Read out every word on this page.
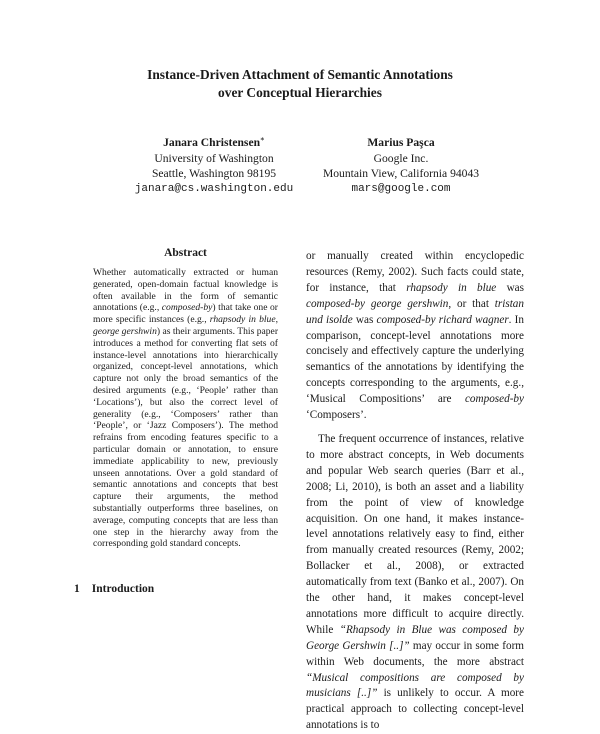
Instance-Driven Attachment of Semantic Annotations
over Conceptual Hierarchies
Janara Christensen∗
University of Washington
Seattle, Washington 98195
janara@cs.washington.edu
Marius Paşca
Google Inc.
Mountain View, California 94043
mars@google.com
Abstract
Whether automatically extracted or human generated, open-domain factual knowledge is often available in the form of semantic annotations (e.g., composed-by) that take one or more specific instances (e.g., rhapsody in blue, george gershwin) as their arguments. This paper introduces a method for converting flat sets of instance-level annotations into hierarchically organized, concept-level annotations, which capture not only the broad semantics of the desired arguments (e.g., ‘People’ rather than ‘Locations’), but also the correct level of generality (e.g., ‘Composers’ rather than ‘People’, or ‘Jazz Composers’). The method refrains from encoding features specific to a particular domain or annotation, to ensure immediate applicability to new, previously unseen annotations. Over a gold standard of semantic annotations and concepts that best capture their arguments, the method substantially outperforms three baselines, on average, computing concepts that are less than one step in the hierarchy away from the corresponding gold standard concepts.
1 Introduction

or manually created within encyclopedic resources (Remy, 2002). Such facts could state, for instance, that rhapsody in blue was composed-by george gershwin, or that tristan und isolde was composed-by richard wagner. In comparison, concept-level annotations more concisely and effectively capture the underlying semantics of the annotations by identifying the concepts corresponding to the arguments, e.g., ‘Musical Compositions’ are composed-by ‘Composers’.

The frequent occurrence of instances, relative to more abstract concepts, in Web documents and popular Web search queries (Barr et al., 2008; Li, 2010), is both an asset and a liability from the point of view of knowledge acquisition. On one hand, it makes instance-level annotations relatively easy to find, either from manually created resources (Remy, 2002; Bollacker et al., 2008), or extracted automatically from text (Banko et al., 2007). On the other hand, it makes concept-level annotations more difficult to acquire directly. While “Rhapsody in Blue was composed by George Gershwin [..]” may occur in some form within Web documents, the more abstract “Musical compositions are composed by musicians [..]” is unlikely to occur. A more practical approach to collecting concept-level annotations is to
